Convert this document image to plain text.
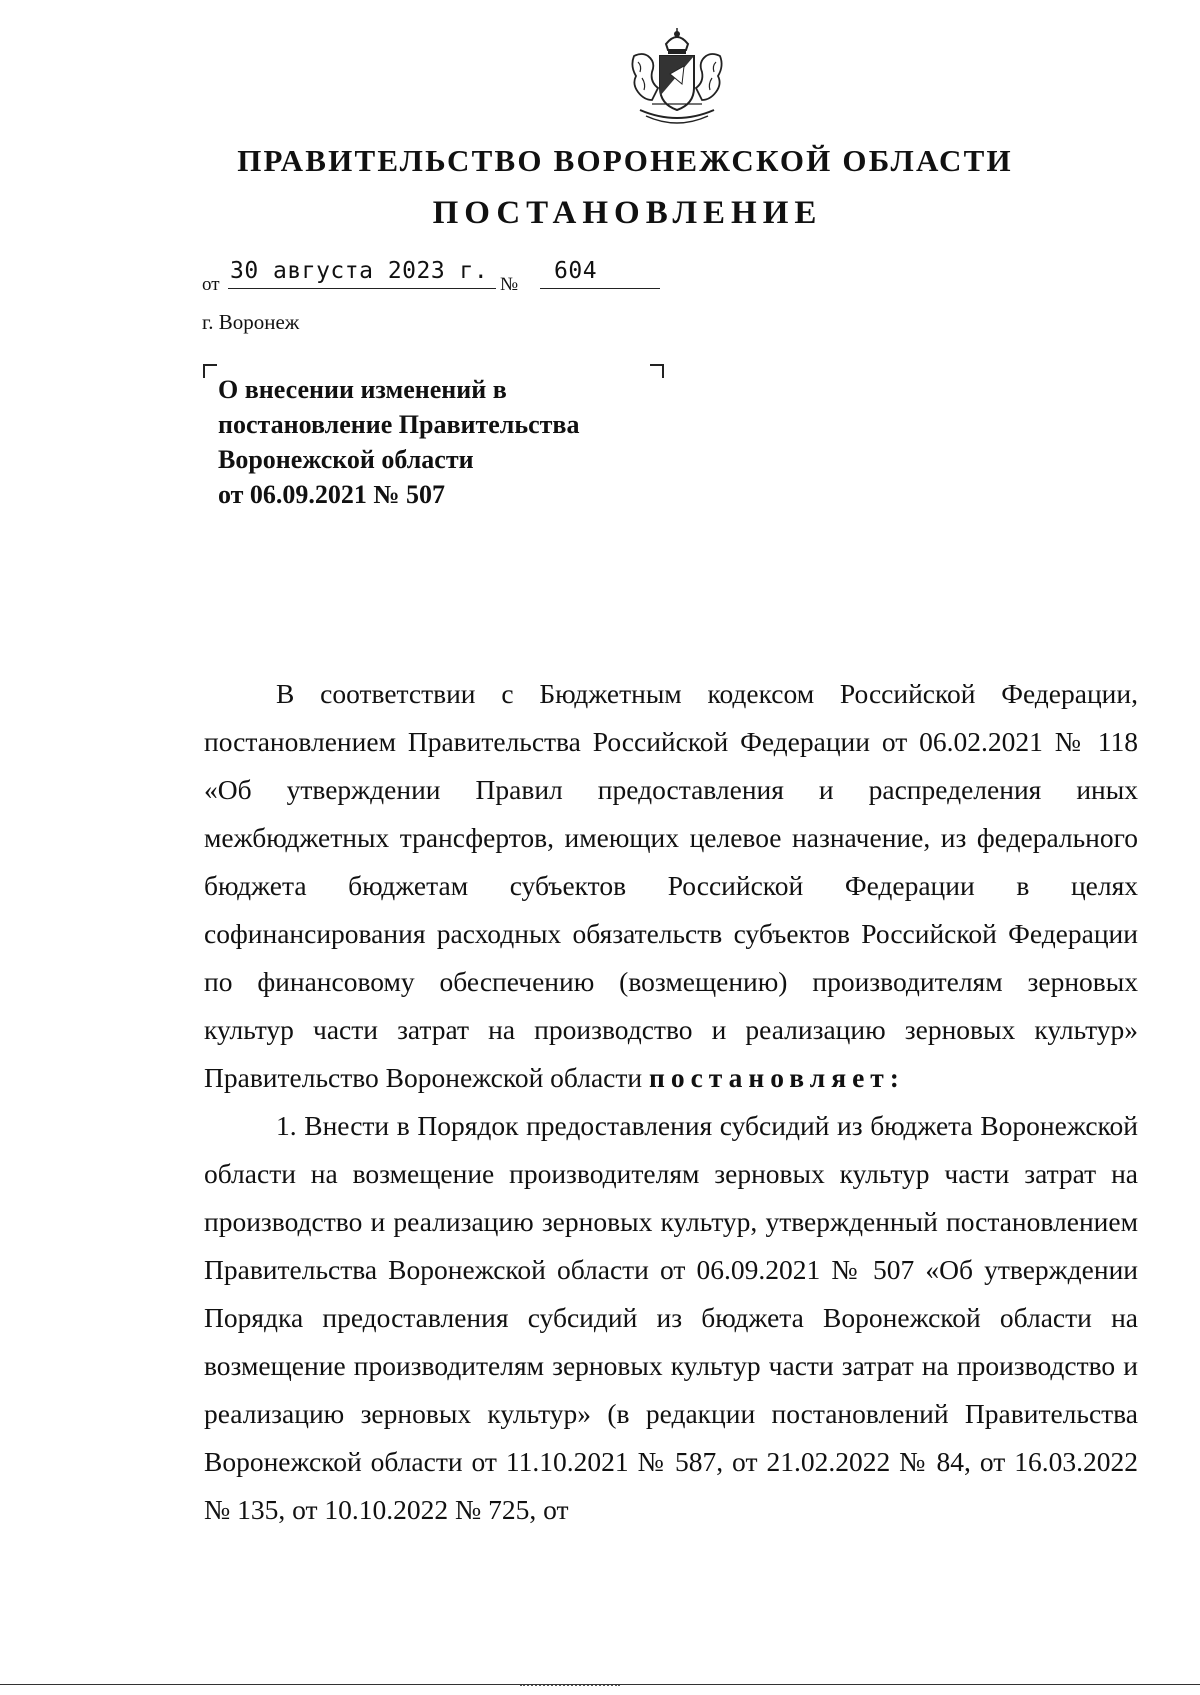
ПРАВИТЕЛЬСТВО ВОРОНЕЖСКОЙ ОБЛАСТИ
ПОСТАНОВЛЕНИЕ
от
30 августа 2023 г.
№
604
г. Воронеж
О внесении изменений в
постановление Правительства
Воронежской области
от 06.09.2021 № 507

В соответствии с Бюджетным кодексом Российской Федерации, постановлением Правительства Российской Федерации от 06.02.2021 № 118 «Об утверждении Правил предоставления и распределения иных межбюджетных трансфертов, имеющих целевое назначение, из федерального бюджета бюджетам субъектов Российской Федерации в целях софинансирования расходных обязательств субъектов Российской Федерации по финансовому обеспечению (возмещению) производителям зерновых культур части затрат на производство и реализацию зерновых культур» Правительство Воронежской области постановляет:

1. Внести в Порядок предоставления субсидий из бюджета Воронежской области на возмещение производителям зерновых культур части затрат на производство и реализацию зерновых культур, утвержденный постановлением Правительства Воронежской области от 06.09.2021 № 507 «Об утверждении Порядка предоставления субсидий из бюджета Воронежской области на возмещение производителям зерновых культур части затрат на производство и реализацию зерновых культур» (в редакции постановлений Правительства Воронежской области от 11.10.2021 № 587, от 21.02.2022 № 84, от 16.03.2022 № 135, от 10.10.2022 № 725, от
